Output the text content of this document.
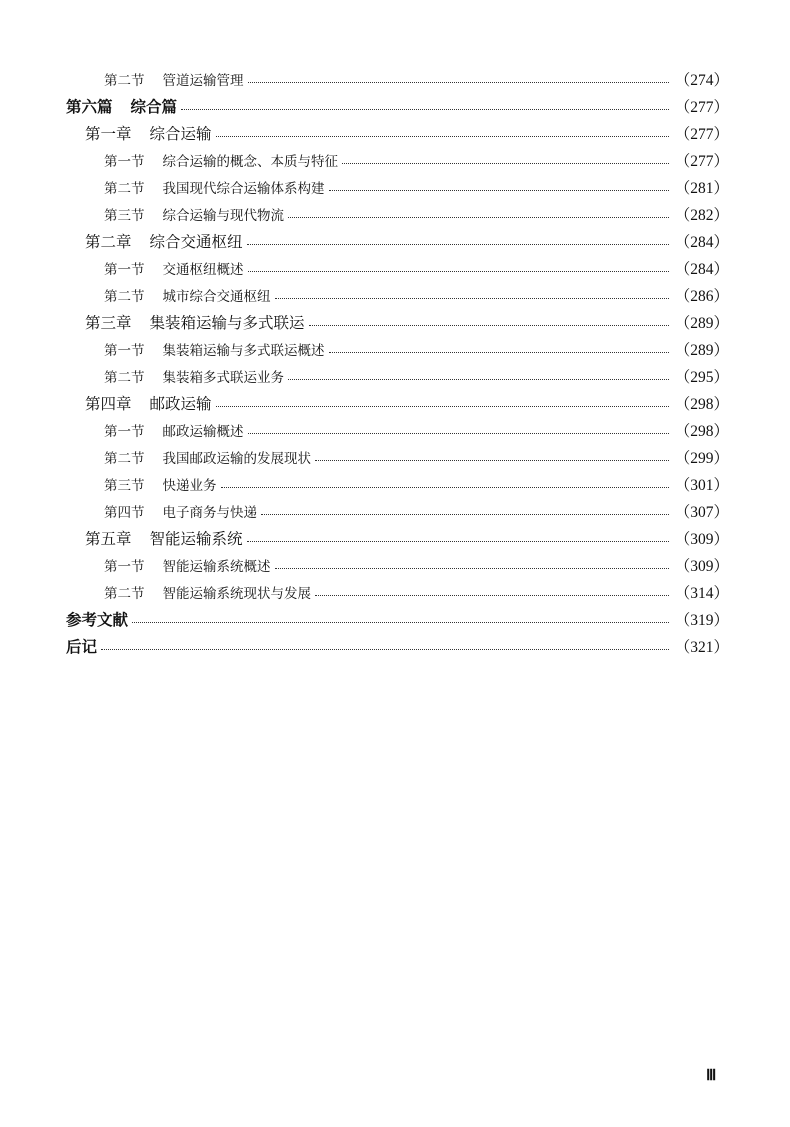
第二节 管道运输管理	（274）
第六篇 综合篇	（277）
第一章 综合运输	（277）
第一节 综合运输的概念、本质与特征	（277）
第二节 我国现代综合运输体系构建	（281）
第三节 综合运输与现代物流	（282）
第二章 综合交通枢纽	（284）
第一节 交通枢纽概述	（284）
第二节 城市综合交通枢纽	（286）
第三章 集装箱运输与多式联运	（289）
第一节 集装箱运输与多式联运概述	（289）
第二节 集装箱多式联运业务	（295）
第四章 邮政运输	（298）
第一节 邮政运输概述	（298）
第二节 我国邮政运输的发展现状	（299）
第三节 快递业务	（301）
第四节 电子商务与快递	（307）
第五章 智能运输系统	（309）
第一节 智能运输系统概述	（309）
第二节 智能运输系统现状与发展	（314）
参考文献	（319）
后记	（321）
Ⅲ
